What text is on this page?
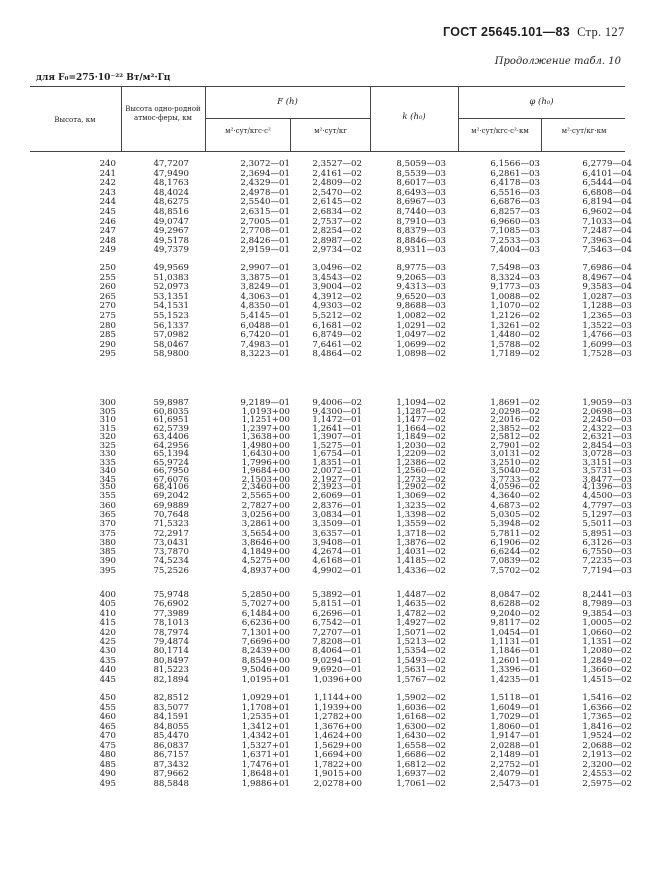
ГОСТ 25645.101—83 Стр. 127
Продолжение табл. 10
для F₀=275·10⁻²² Вт/м²·Гц
Высота, км
Высота одно-родной атмос-феры, км
F (h)
м²·сут/кгс·с²	м²·сут/кг
k (h₀)
φ (h₀)
м²·сут/кгс·с²·км	м²·сут/кг·км
240	47,7207	2,3072—01	2,3527—02	8,5059—03	6,1566—03	6,2779—04
241	47,9490	2,3694—01	2,4161—02	8,5539—03	6,2861—03	6,4101—04
242	48,1763	2,4329—01	2,4809—02	8,6017—03	6,4178—03	6,5444—04
243	48,4024	2,4978—01	2,5470—02	8,6493—03	6,5516—03	6,6808—04
244	48,6275	2,5540—01	2,6145—02	8,6967—03	6,6876—03	6,8194—04
245	48,8516	2,6315—01	2,6834—02	8,7440—03	6,8257—03	6,9602—04
246	49,0747	2,7005—01	2,7537—02	8,7910—03	6,9660—03	7,1033—04
247	49,2967	2,7708—01	2,8254—02	8,8379—03	7,1085—03	7,2487—04
248	49,5178	2,8426—01	2,8987—02	8,8846—03	7,2533—03	7,3963—04
249	49,7379	2,9159—01	2,9734—02	8,9311—03	7,4004—03	7,5463—04
250	49,9569	2,9907—01	3,0496—02	8,9775—03	7,5498—03	7,6986—04
255	51,0383	3,3875—01	3,4543—02	9,2065—03	8,3324—03	8,4967—04
260	52,0973	3,8249—01	3,9004—02	9,4313—03	9,1773—03	9,3583—04
265	53,1351	4,3063—01	4,3912—02	9,6520—03	1,0088—02	1,0287—03
270	54,1531	4,8350—01	4,9303—02	9,8688—03	1,1070—02	1,1288—03
275	55,1523	5,4145—01	5,5212—02	1,0082—02	1,2126—02	1,2365—03
280	56,1337	6,0488—01	6,1681—02	1,0291—02	1,3261—02	1,3522—03
285	57,0982	6,7420—01	6,8749—02	1,0497—02	1,4480—02	1,4766—03
290	58,0467	7,4983—01	7,6461—02	1,0699—02	1,5788—02	1,6099—03
295	58,9800	8,3223—01	8,4864—02	1,0898—02	1,7189—02	1,7528—03
300	59,8987	9,2189—01	9,4006—02	1,1094—02	1,8691—02	1,9059—03
305	60,8035	1,0193+00	9,4300—01	1,1287—02	2,0298—02	2,0698—03
310	61,6951	1,1251+00	1,1472—01	1,1477—02	2,2016—02	2,2450—03
315	62,5739	1,2397+00	1,2641—01	1,1664—02	2,3852—02	2,4322—03
320	63,4406	1,3638+00	1,3907—01	1,1849—02	2,5812—02	2,6321—03
325	64,2956	1,4980+00	1,5275—01	1,2030—02	2,7901—02	2,8454—03
330	65,1394	1,6430+00	1,6754—01	1,2209—02	3,0131—02	3,0728—03
335	65,9724	1,7996+00	1,8351—01	1,2386—02	3,2510—02	3,3151—03
340	66,7950	1,9684+00	2,0072—01	1,2560—02	3,5040—02	3,5731—03
345	67,6076	2,1503+00	2,1927—01	1,2732—02	3,7733—02	3,8477—03
350	68,4106	2,3460+00	2,3923—01	1,2902—02	4,0596—02	4,1396—03
355	69,2042	2,5565+00	2,6069—01	1,3069—02	4,3640—02	4,4500—03
360	69,9889	2,7827+00	2,8376—01	1,3235—02	4,6873—02	4,7797—03
365	70,7648	3,0256+00	3,0834—01	1,3398—02	5,0305—02	5,1297—03
370	71,5323	3,2861+00	3,3509—01	1,3559—02	5,3948—02	5,5011—03
375	72,2917	3,5654+00	3,6357—01	1,3718—02	5,7811—02	5,8951—03
380	73,0431	3,8646+00	3,9408—01	1,3876—02	6,1906—02	6,3126—03
385	73,7870	4,1849+00	4,2674—01	1,4031—02	6,6244—02	6,7550—03
390	74,5234	4,5275+00	4,6168—01	1,4185—02	7,0839—02	7,2235—03
395	75,2526	4,8937+00	4,9902—01	1,4336—02	7,5702—02	7,7194—03
400	75,9748	5,2850+00	5,3892—01	1,4487—02	8,0847—02	8,2441—03
405	76,6902	5,7027+00	5,8151—01	1,4635—02	8,6288—02	8,7989—03
410	77,3989	6,1484+00	6,2696—01	1,4782—02	9,2040—02	9,3854—03
415	78,1013	6,6236+00	6,7542—01	1,4927—02	9,8117—02	1,0005—02
420	78,7974	7,1301+00	7,2707—01	1,5071—02	1,0454—01	1,0660—02
425	79,4874	7,6696+00	7,8208—01	1,5213—02	1,1131—01	1,1351—02
430	80,1714	8,2439+00	8,4064—01	1,5354—02	1,1846—01	1,2080—02
435	80,8497	8,8549+00	9,0294—01	1,5493—02	1,2601—01	1,2849—02
440	81,5223	9,5046+00	9,6920—01	1,5631—02	1,3396—01	1,3660—02
445	82,1894	1,0195+01	1,0396+00	1,5767—02	1,4235—01	1,4515—02
450	82,8512	1,0929+01	1,1144+00	1,5902—02	1,5118—01	1,5416—02
455	83,5077	1,1708+01	1,1939+00	1,6036—02	1,6049—01	1,6366—02
460	84,1591	1,2535+01	1,2782+00	1,6168—02	1,7029—01	1,7365—02
465	84,8055	1,3412+01	1,3676+00	1,6300—02	1,8060—01	1,8416—02
470	85,4470	1,4342+01	1,4624+00	1,6430—02	1,9147—01	1,9524—02
475	86,0837	1,5327+01	1,5629+00	1,6558—02	2,0288—01	2,0688—02
480	86,7157	1,6371+01	1,6694+00	1,6686—02	2,1489—01	2,1913—02
485	87,3432	1,7476+01	1,7822+00	1,6812—02	2,2752—01	2,3200—02
490	87,9662	1,8648+01	1,9015+00	1,6937—02	2,4079—01	2,4553—02
495	88,5848	1,9886+01	2,0278+00	1,7061—02	2,5473—01	2,5975—02
